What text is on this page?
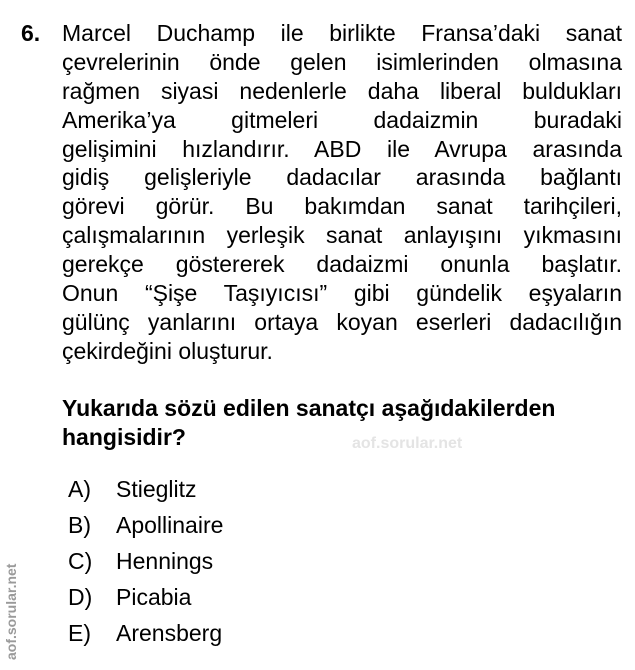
6. Marcel Duchamp ile birlikte Fransa’daki sanat
çevrelerinin önde gelen isimlerinden olmasına
rağmen siyasi nedenlerle daha liberal buldukları
Amerika’ya gitmeleri dadaizmin buradaki
gelişimini hızlandırır. ABD ile Avrupa arasında
gidiş gelişleriyle dadacılar arasında bağlantı
görevi görür. Bu bakımdan sanat tarihçileri,
çalışmalarının yerleşik sanat anlayışını yıkmasını
gerekçe göstererek dadaizmi onunla başlatır.
Onun “Şişe Taşıyıcısı” gibi gündelik eşyaların
gülünç yanlarını ortaya koyan eserleri dadacılığın
çekirdeğini oluşturur.
Yukarıda sözü edilen sanatçı aşağıdakilerden
hangisidir?	aof.sorular.net
A)	Stieglitz
B)	Apollinaire
C)	Hennings
D)	Picabia
E)	Arensberg
aof.sorular.net
